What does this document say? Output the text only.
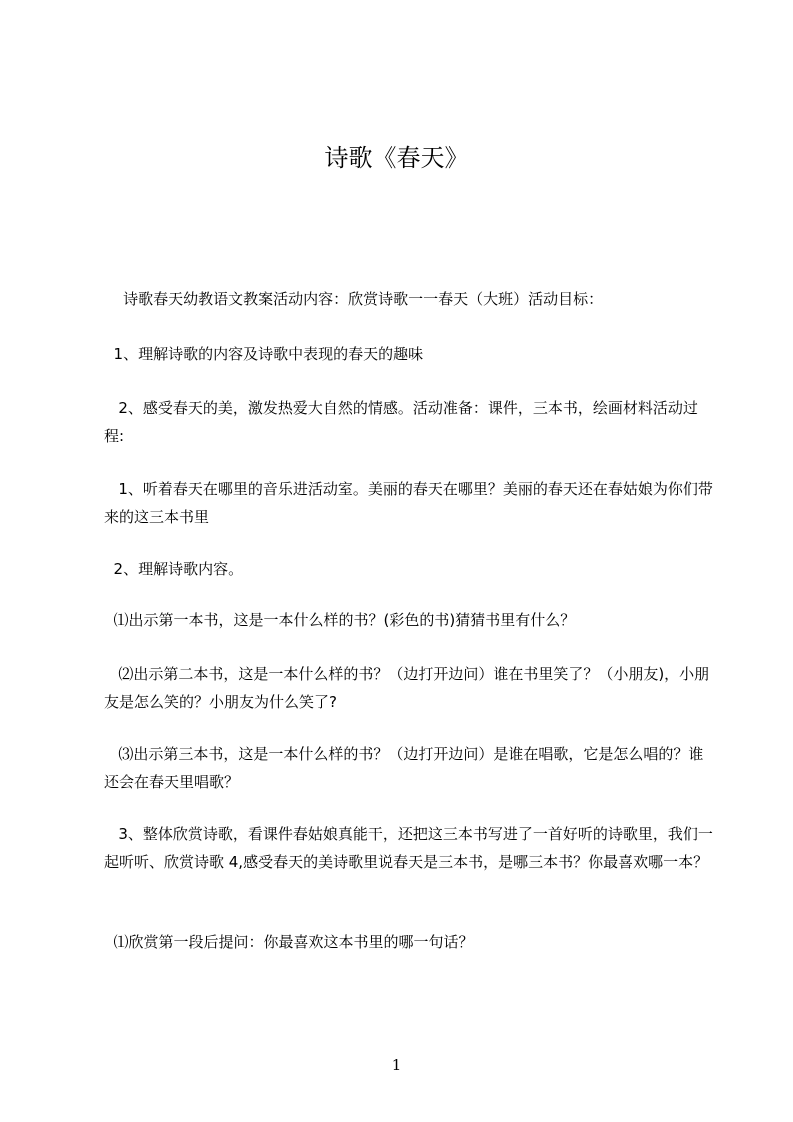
诗歌《春天》

诗歌春天幼教语文教案活动内容：欣赏诗歌一一春天（大班）活动目标：

1、理解诗歌的内容及诗歌中表现的春天的趣味

2、感受春天的美，激发热爱大自然的情感。活动准备：课件，三本书，绘画材料活动过程:

1、听着春天在哪里的音乐进活动室。美丽的春天在哪里？美丽的春天还在春姑娘为你们带来的这三本书里

2、理解诗歌内容。

⑴出示第一本书，这是一本什么样的书？(彩色的书)猜猜书里有什么？

⑵出示第二本书，这是一本什么样的书？（边打开边问）谁在书里笑了？（小朋友)，小朋友是怎么笑的？小朋友为什么笑了?

⑶出示第三本书，这是一本什么样的书？（边打开边问）是谁在唱歌，它是怎么唱的？谁还会在春天里唱歌？

3、整体欣赏诗歌，看课件春姑娘真能干，还把这三本书写进了一首好听的诗歌里，我们一起听听、欣赏诗歌 4,感受春天的美诗歌里说春天是三本书，是哪三本书？你最喜欢哪一本？

⑴欣赏第一段后提问：你最喜欢这本书里的哪一句话？

1
